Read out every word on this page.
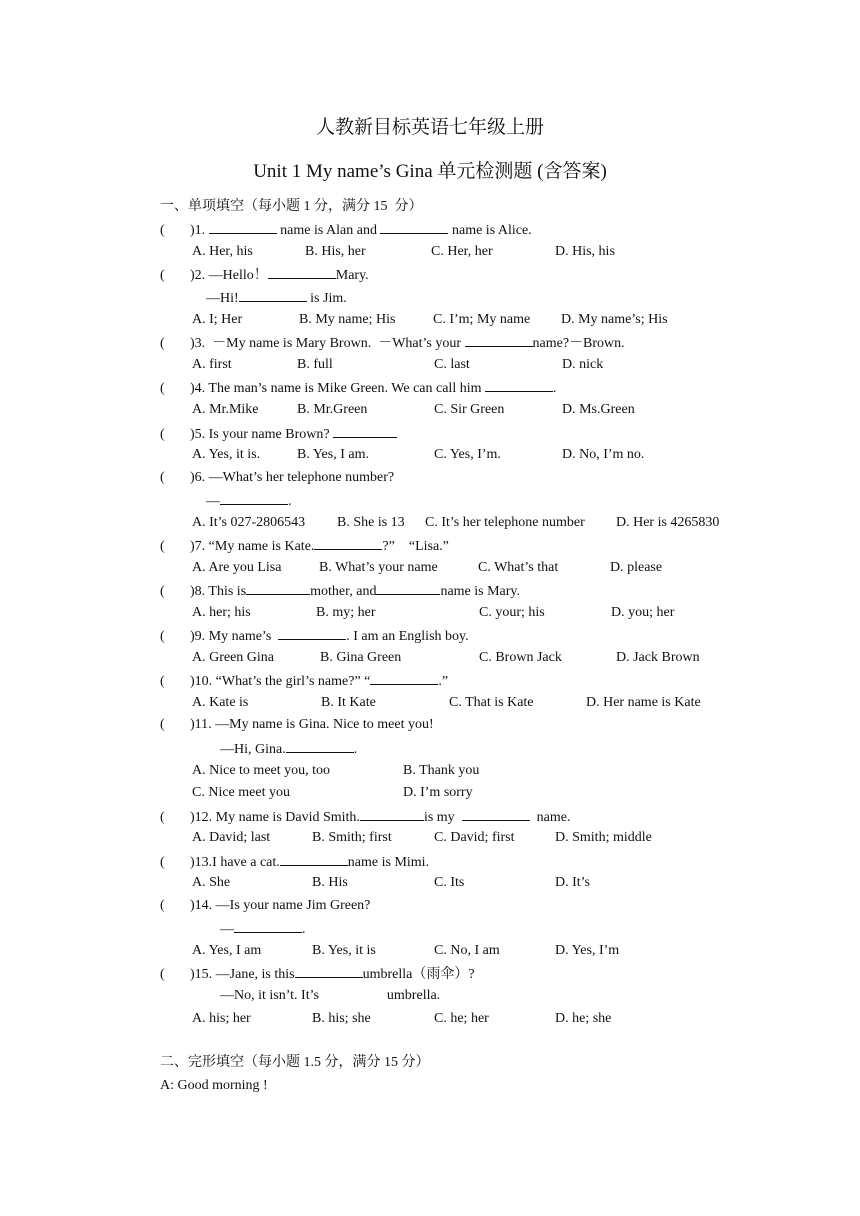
人教新目标英语七年级上册
Unit 1 My name’s Gina 单元检测题 (含答案)
一、单项填空（每小题 1 分，满分 15  分）
( )1.	name is Alan and	name is Alice.
A. Her, his	B. His, her	C. Her, her	D. His, his
( )2. —Hello！	Mary.
—Hi!	is Jim.
A. I; Her	B. My name; His	C. I’m; My name D. My name’s; His
( )3.  －My name is Mary Brown.  －What’s your	name?－Brown.
A. first	B. full	C. last	D. nick
( )4. The man’s name is Mike Green. We can call him	.
A. Mr.Mike	B. Mr.Green	C. Sir Green	D. Ms.Green
( )5. Is your name Brown?
A. Yes, it is.	B. Yes, I am.	C. Yes, I’m.	D. No, I’m no.
( )6. —What’s her telephone number?
—	.
A. It’s 027-2806543 B. She is 13 C. It’s her telephone number D. Her is 4265830
( )7. “My name is Kate.	?”    “Lisa.”
A. Are you Lisa	B. What’s your name	C. What’s that	D. please
( )8. This is	mother, and	name is Mary.
A. her; his	B. my; her	C. your; his	D. you; her
( )9. My name’s	. I am an English boy.
A. Green Gina	B. Gina Green	C. Brown Jack	D. Jack Brown
( )10. “What’s the girl’s name?” “	.”
A. Kate is	B. It Kate	C. That is Kate	D. Her name is Kate
( )11. —My name is Gina. Nice to meet you!
—Hi, Gina.	.
A. Nice to meet you, too	B. Thank you
C. Nice meet you	D. I’m sorry
( )12. My name is David Smith.	is my	name.
A. David; last	B. Smith; first	C. David; first	D. Smith; middle
( )13.I have a cat.	name is Mimi.
A. She	B. His	C. Its	D. It’s
( )14. —Is your name Jim Green?
—	.
A. Yes, I am	B. Yes, it is	C. No, I am	D. Yes, I’m
( )15. —Jane, is this	umbrella（雨伞）?
—No, it isn’t. It’s	umbrella.
A. his; her	B. his; she	C. he; her	D. he; she
二、完形填空（每小题 1.5 分，满分 15 分）
A: Good morning !
